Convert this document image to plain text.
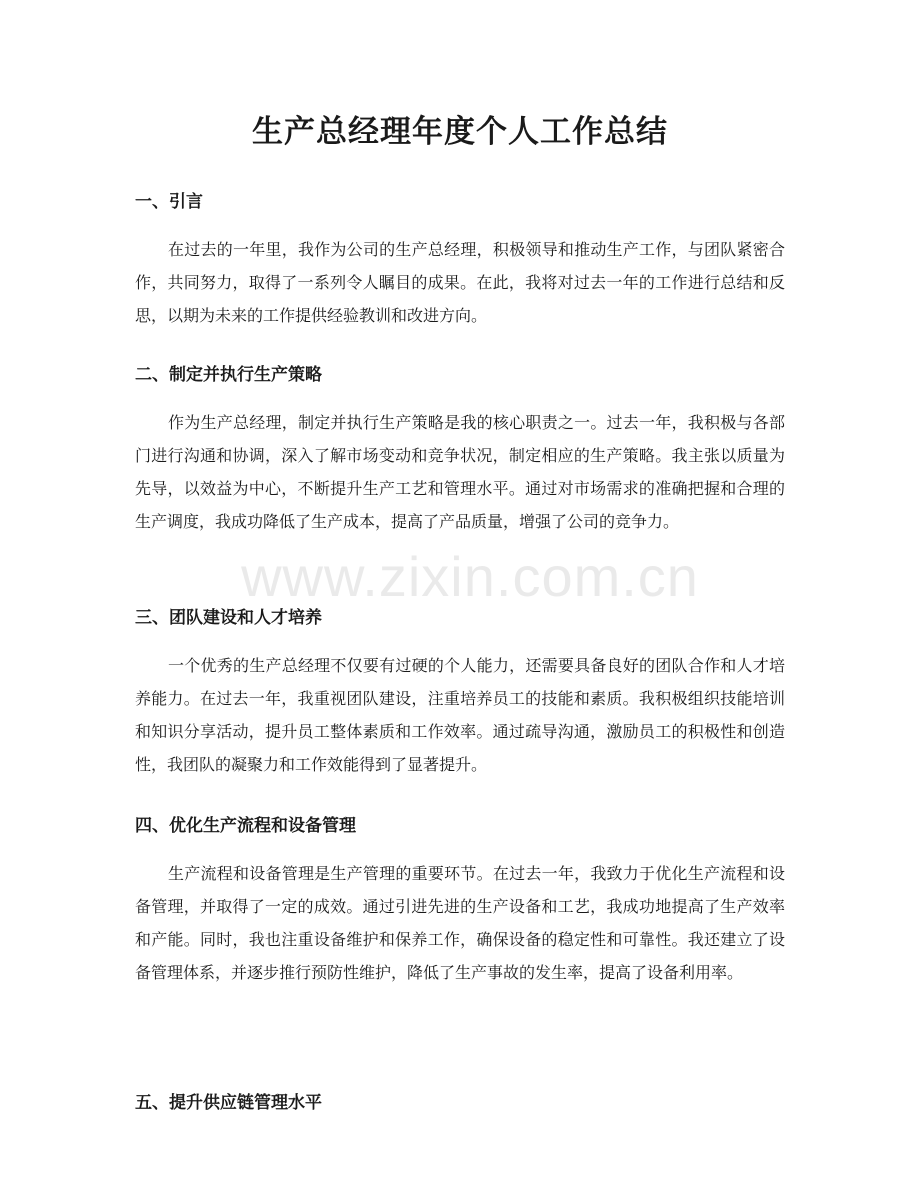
生产总经理年度个人工作总结
一、引言

在过去的一年里，我作为公司的生产总经理，积极领导和推动生产工作，与团队紧密合作，共同努力，取得了一系列令人瞩目的成果。在此，我将对过去一年的工作进行总结和反思，以期为未来的工作提供经验教训和改进方向。

二、制定并执行生产策略

作为生产总经理，制定并执行生产策略是我的核心职责之一。过去一年，我积极与各部门进行沟通和协调，深入了解市场变动和竞争状况，制定相应的生产策略。我主张以质量为先导，以效益为中心，不断提升生产工艺和管理水平。通过对市场需求的准确把握和合理的生产调度，我成功降低了生产成本，提高了产品质量，增强了公司的竞争力。

三、团队建设和人才培养

一个优秀的生产总经理不仅要有过硬的个人能力，还需要具备良好的团队合作和人才培养能力。在过去一年，我重视团队建设，注重培养员工的技能和素质。我积极组织技能培训和知识分享活动，提升员工整体素质和工作效率。通过疏导沟通，激励员工的积极性和创造性，我团队的凝聚力和工作效能得到了显著提升。

四、优化生产流程和设备管理

生产流程和设备管理是生产管理的重要环节。在过去一年，我致力于优化生产流程和设备管理，并取得了一定的成效。通过引进先进的生产设备和工艺，我成功地提高了生产效率和产能。同时，我也注重设备维护和保养工作，确保设备的稳定性和可靠性。我还建立了设备管理体系，并逐步推行预防性维护，降低了生产事故的发生率，提高了设备利用率。

五、提升供应链管理水平
www.zixin.com.cn
